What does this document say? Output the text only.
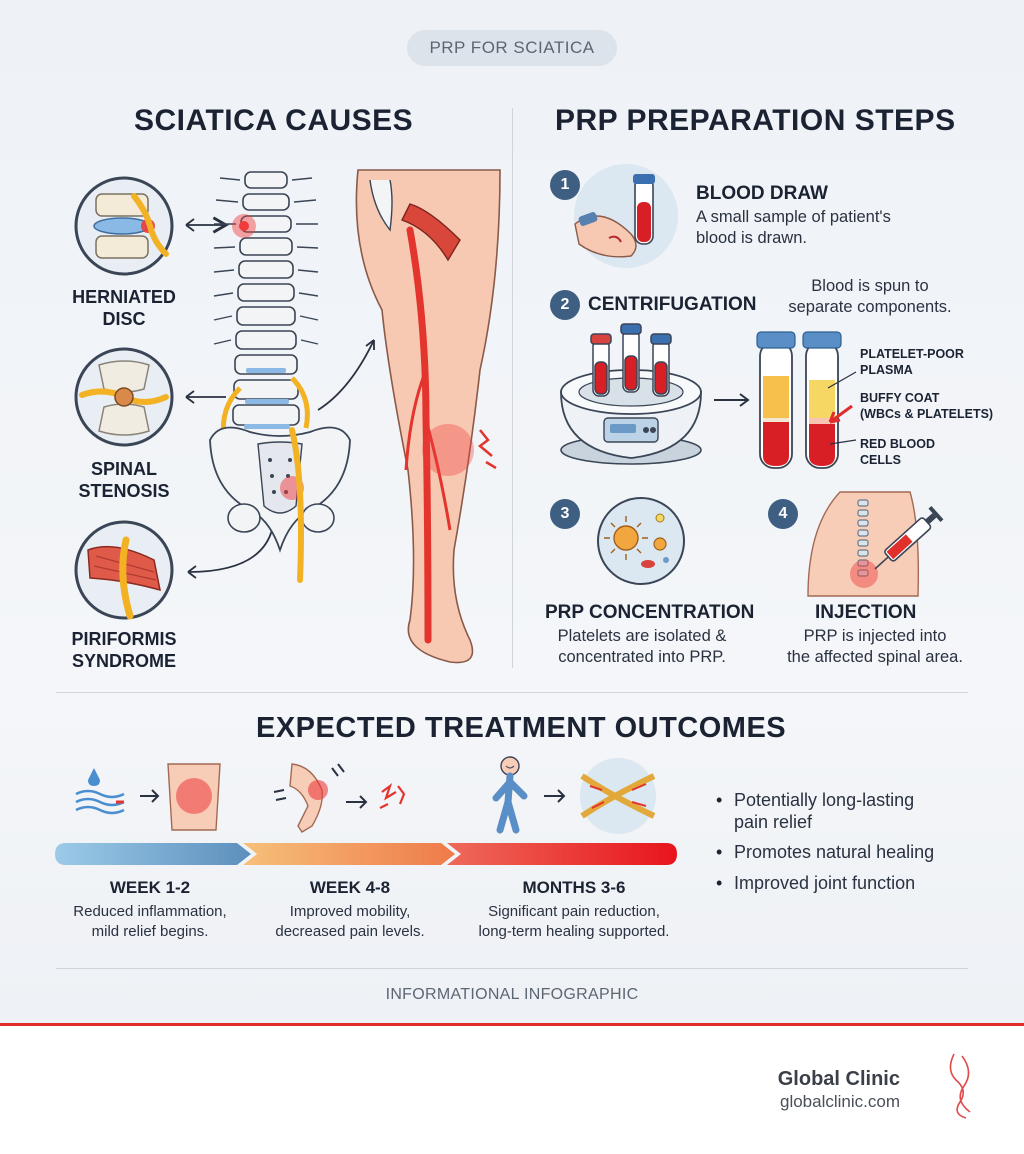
PRP FOR SCIATICA
SCIATICA CAUSES
HERNIATED
DISC
SPINAL
STENOSIS
PIRIFORMIS
SYNDROME
PRP PREPARATION STEPS
1	BLOOD DRAW
A small sample of patient's
blood is drawn.
2 CENTRIFUGATION
Blood is spun to
separate components.
PLATELET-POOR
PLASMA
BUFFY COAT
(WBCs & PLATELETS)
RED BLOOD
CELLS
3
PRP CONCENTRATION
Platelets are isolated &
concentrated into PRP.
4
INJECTION
PRP is injected into
the affected spinal area.
EXPECTED TREATMENT OUTCOMES
WEEK 1-2
Reduced inflammation,
mild relief begins.
WEEK 4-8
Improved mobility,
decreased pain levels.
MONTHS 3-6
Significant pain reduction,
long-term healing supported.
• Potentially long-lasting
pain relief
• Promotes natural healing
• Improved joint function
INFORMATIONAL INFOGRAPHIC
Global Clinic
globalclinic.com
